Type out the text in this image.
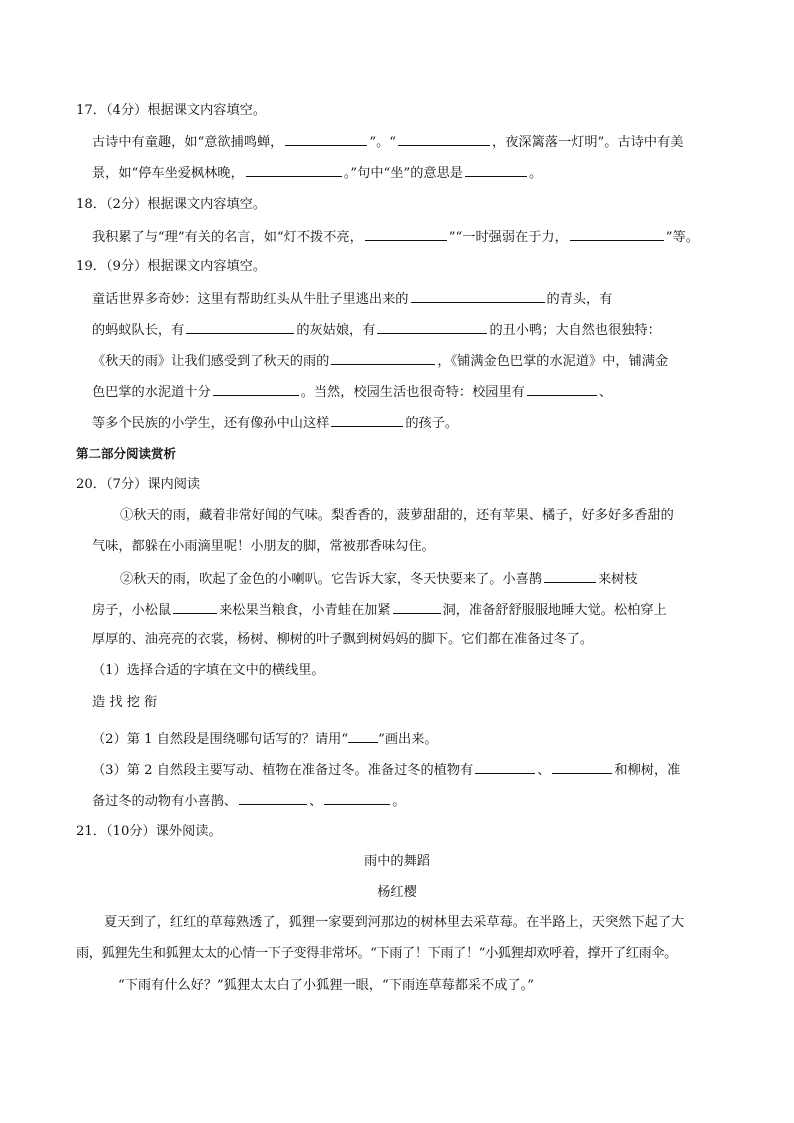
17．（4分）根据课文内容填空。
古诗中有童趣，如“意欲捕鸣蝉，	”。“	，夜深篱落一灯明”。古诗中有美
景，如“停车坐爱枫林晚，	。”句中“坐”的意思是	。
18．（2分）根据课文内容填空。
我积累了与“理”有关的名言，如“灯不拨不亮，	”“一时强弱在于力，	”等。
19．（9分）根据课文内容填空。
童话世界多奇妙：这里有帮助红头从牛肚子里逃出来的	的青头，有
的蚂蚁队长，有	的灰姑娘，有	的丑小鸭；大自然也很独特：
《秋天的雨》让我们感受到了秋天的雨的	，《铺满金色巴掌的水泥道》中，铺满金
色巴掌的水泥道十分	。当然，校园生活也很奇特：校园里有	、
等多个民族的小学生，还有像孙中山这样	的孩子。
第二部分阅读赏析
20．（7分）课内阅读
①秋天的雨，藏着非常好闻的气味。梨香香的，菠萝甜甜的，还有苹果、橘子，好多好多香甜的
气味，都躲在小雨滴里呢！小朋友的脚，常被那香味勾住。
②秋天的雨，吹起了金色的小喇叭。它告诉大家，冬天快要来了。小喜鹊	来树枝
房子，小松鼠	来松果当粮食，小青蛙在加紧	洞，准备舒舒服服地睡大觉。松柏穿上
厚厚的、油亮亮的衣裳，杨树、柳树的叶子飘到树妈妈的脚下。它们都在准备过冬了。
（1）选择合适的字填在文中的横线里。
造 找 挖 衔
（2）第 1 自然段是围绕哪句话写的？请用“ ”画出来。
（3）第 2 自然段主要写动、植物在准备过冬。准备过冬的植物有	、	和柳树，准
备过冬的动物有小喜鹊、	、	。
21．（10分）课外阅读。
雨中的舞蹈
杨红樱
夏天到了，红红的草莓熟透了，狐狸一家要到河那边的树林里去采草莓。在半路上，天突然下起了大
雨，狐狸先生和狐狸太太的心情一下子变得非常坏。“下雨了！下雨了！”小狐狸却欢呼着，撑开了红雨伞。
“下雨有什么好？”狐狸太太白了小狐狸一眼，“下雨连草莓都采不成了。”
